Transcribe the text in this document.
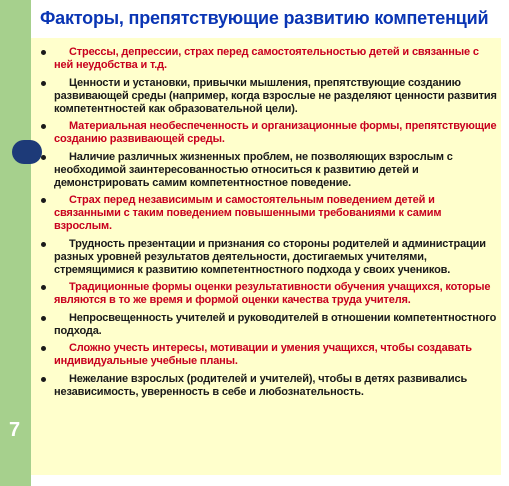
Факторы, препятствующие развитию компетенций
7
Стрессы, депрессии, страх перед самостоятельностью детей и связанные с ней неудобства и т.д.
Ценности и установки, привычки мышления, препятствующие созданию развивающей среды (например, когда взрослые не разделяют ценности развития компетентностей как образовательной цели).
Материальная необеспеченность и организационные формы, препятствующие созданию развивающей среды.
Наличие различных жизненных проблем, не позволяющих взрослым с необходимой заинтересованностью относиться к развитию детей и демонстрировать самим компетентностное поведение.
Страх перед независимым и самостоятельным поведением детей и связанными с таким поведением повышенными требованиями к самим взрослым.
Трудность презентации и признания со стороны родителей и администрации разных уровней результатов деятельности, достигаемых учителями, стремящимися к развитию компетентностного подхода у своих учеников.
Традиционные формы оценки результативности обучения учащихся, которые являются в то же время и формой оценки качества труда учителя.
Непросвещенность учителей и руководителей в отношении компетентностного подхода.
Сложно учесть интересы, мотивации и умения учащихся, чтобы создавать индивидуальные учебные планы.
Нежелание взрослых (родителей и учителей), чтобы в детях развивались независимость, уверенность в себе и любознательность.
